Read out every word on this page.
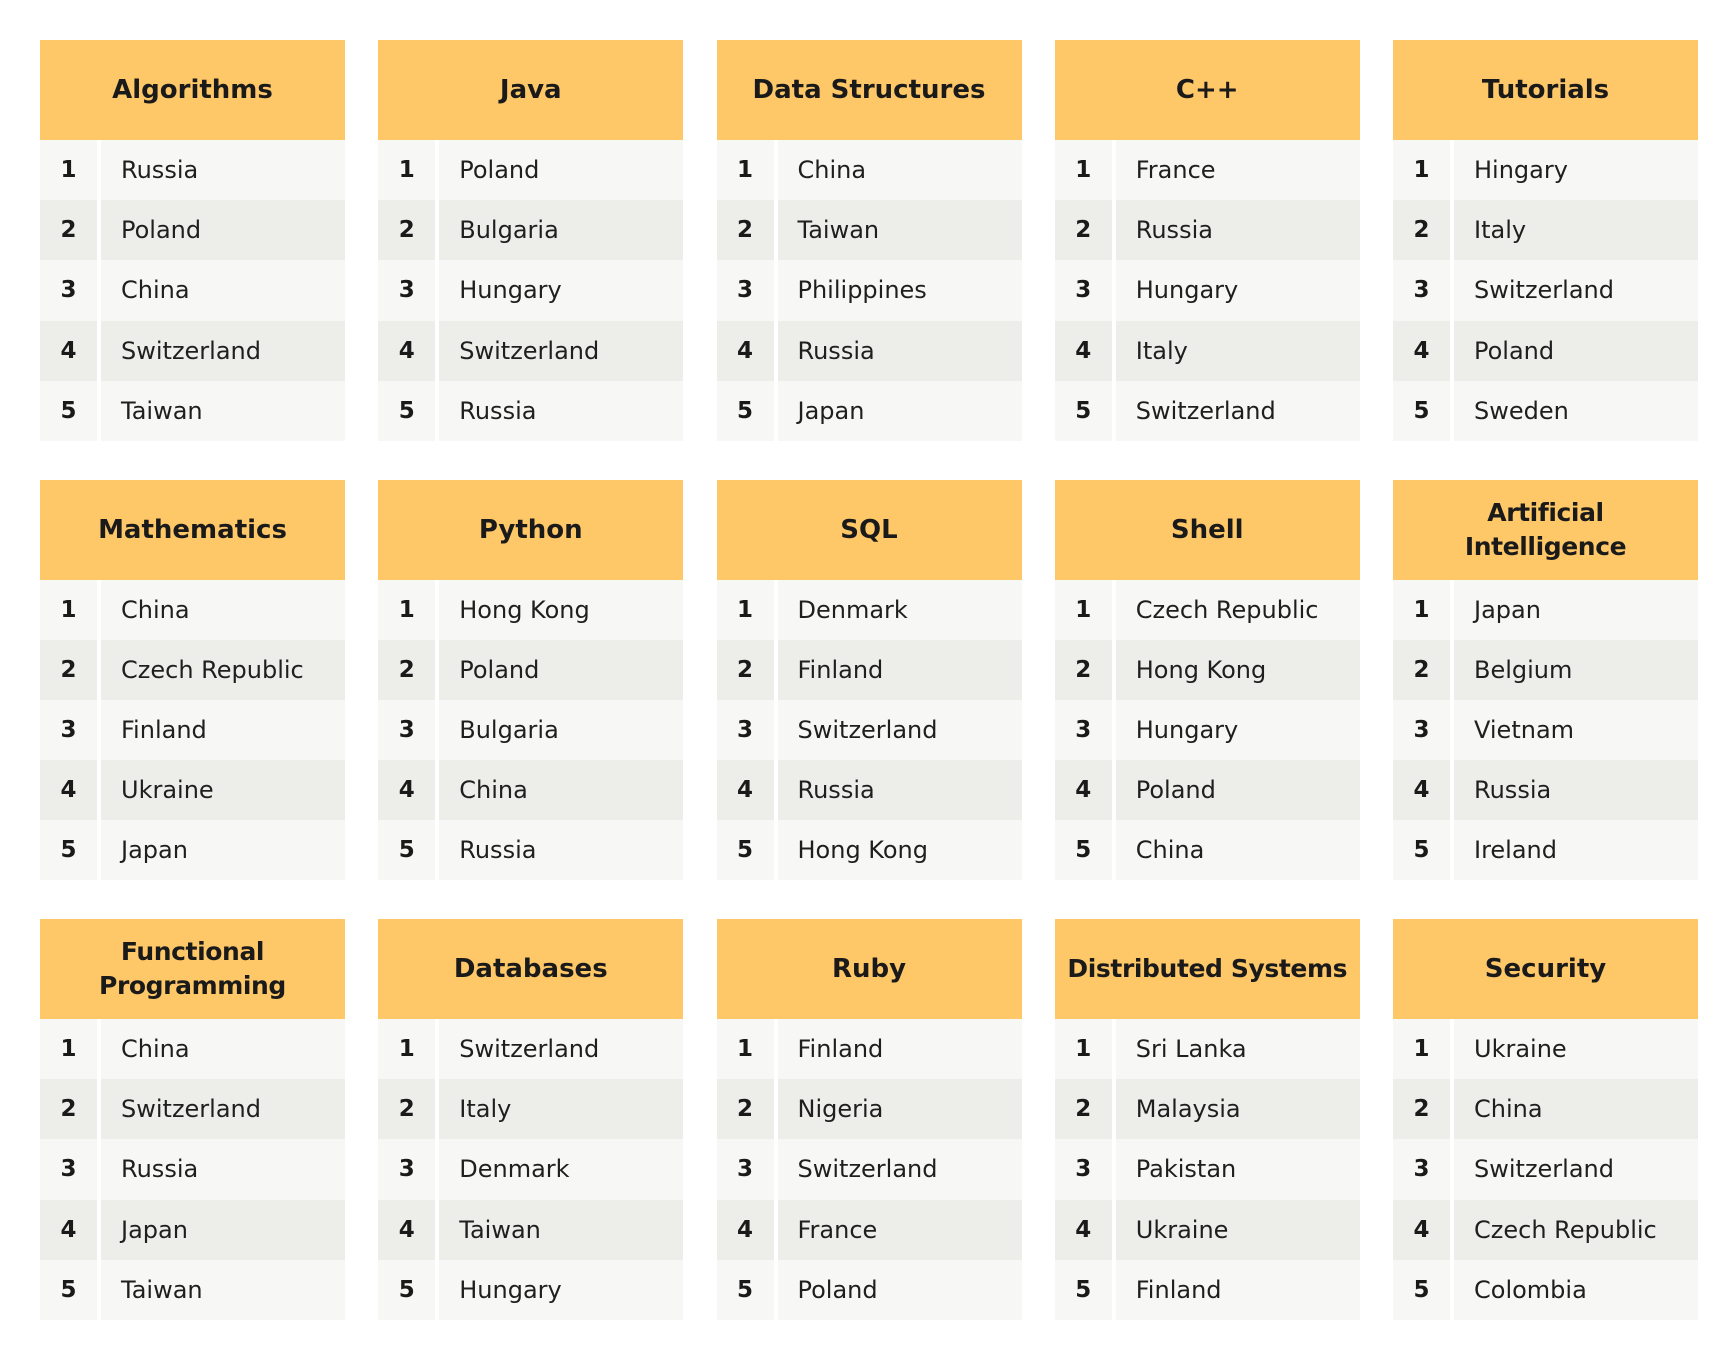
Algorithms
1	Russia
2	Poland
3	China
4	Switzerland
5	Taiwan
Java
1	Poland
2	Bulgaria
3	Hungary
4	Switzerland
5	Russia
Data Structures
1	China
2	Taiwan
3	Philippines
4	Russia
5	Japan
C++
1	France
2	Russia
3	Hungary
4	Italy
5	Switzerland
Tutorials
1	Hingary
2	Italy
3	Switzerland
4	Poland
5	Sweden
Mathematics
1	China
2	Czech Republic
3	Finland
4	Ukraine
5	Japan
Python
1	Hong Kong
2	Poland
3	Bulgaria
4	China
5	Russia
SQL
1	Denmark
2	Finland
3	Switzerland
4	Russia
5	Hong Kong
Shell
1	Czech Republic
2	Hong Kong
3	Hungary
4	Poland
5	China
Artificial Intelligence
1	Japan
2	Belgium
3	Vietnam
4	Russia
5	Ireland
Functional Programming
1	China
2	Switzerland
3	Russia
4	Japan
5	Taiwan
Databases
1	Switzerland
2	Italy
3	Denmark
4	Taiwan
5	Hungary
Ruby
1	Finland
2	Nigeria
3	Switzerland
4	France
5	Poland
Distributed Systems
1	Sri Lanka
2	Malaysia
3	Pakistan
4	Ukraine
5	Finland
Security
1	Ukraine
2	China
3	Switzerland
4	Czech Republic
5	Colombia
